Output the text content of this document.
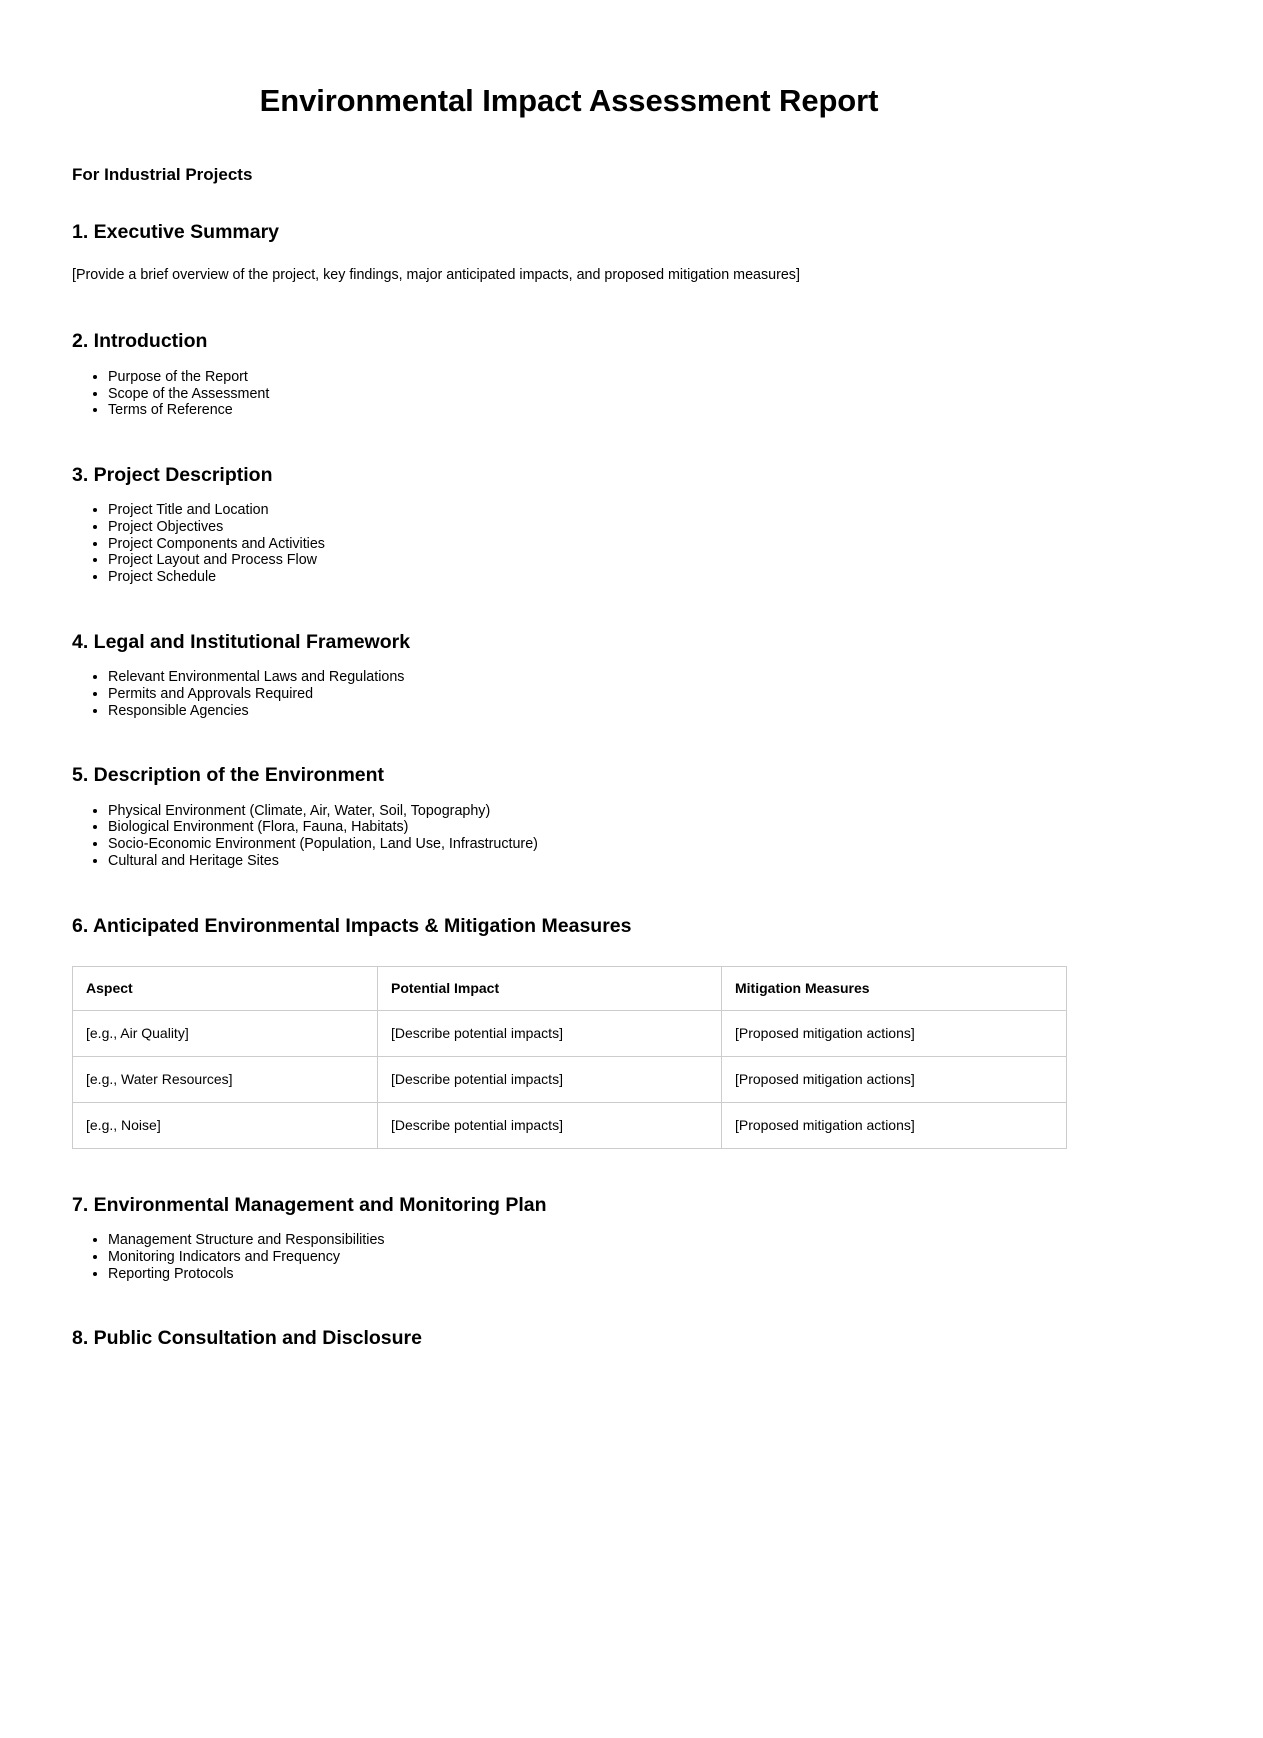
Environmental Impact Assessment Report
For Industrial Projects
1. Executive Summary

[Provide a brief overview of the project, key findings, major anticipated impacts, and proposed mitigation measures]

2. Introduction
• Purpose of the Report
• Scope of the Assessment
• Terms of Reference
3. Project Description
• Project Title and Location
• Project Objectives
• Project Components and Activities
• Project Layout and Process Flow
• Project Schedule
4. Legal and Institutional Framework
• Relevant Environmental Laws and Regulations
• Permits and Approvals Required
• Responsible Agencies
5. Description of the Environment
• Physical Environment (Climate, Air, Water, Soil, Topography)
• Biological Environment (Flora, Fauna, Habitats)
• Socio-Economic Environment (Population, Land Use, Infrastructure)
• Cultural and Heritage Sites
6. Anticipated Environmental Impacts & Mitigation Measures
Aspect	Potential Impact	Mitigation Measures
[e.g., Air Quality]	[Describe potential impacts]	[Proposed mitigation actions]
[e.g., Water Resources]	[Describe potential impacts]	[Proposed mitigation actions]
[e.g., Noise]	[Describe potential impacts]	[Proposed mitigation actions]
7. Environmental Management and Monitoring Plan
• Management Structure and Responsibilities
• Monitoring Indicators and Frequency
• Reporting Protocols
8. Public Consultation and Disclosure
